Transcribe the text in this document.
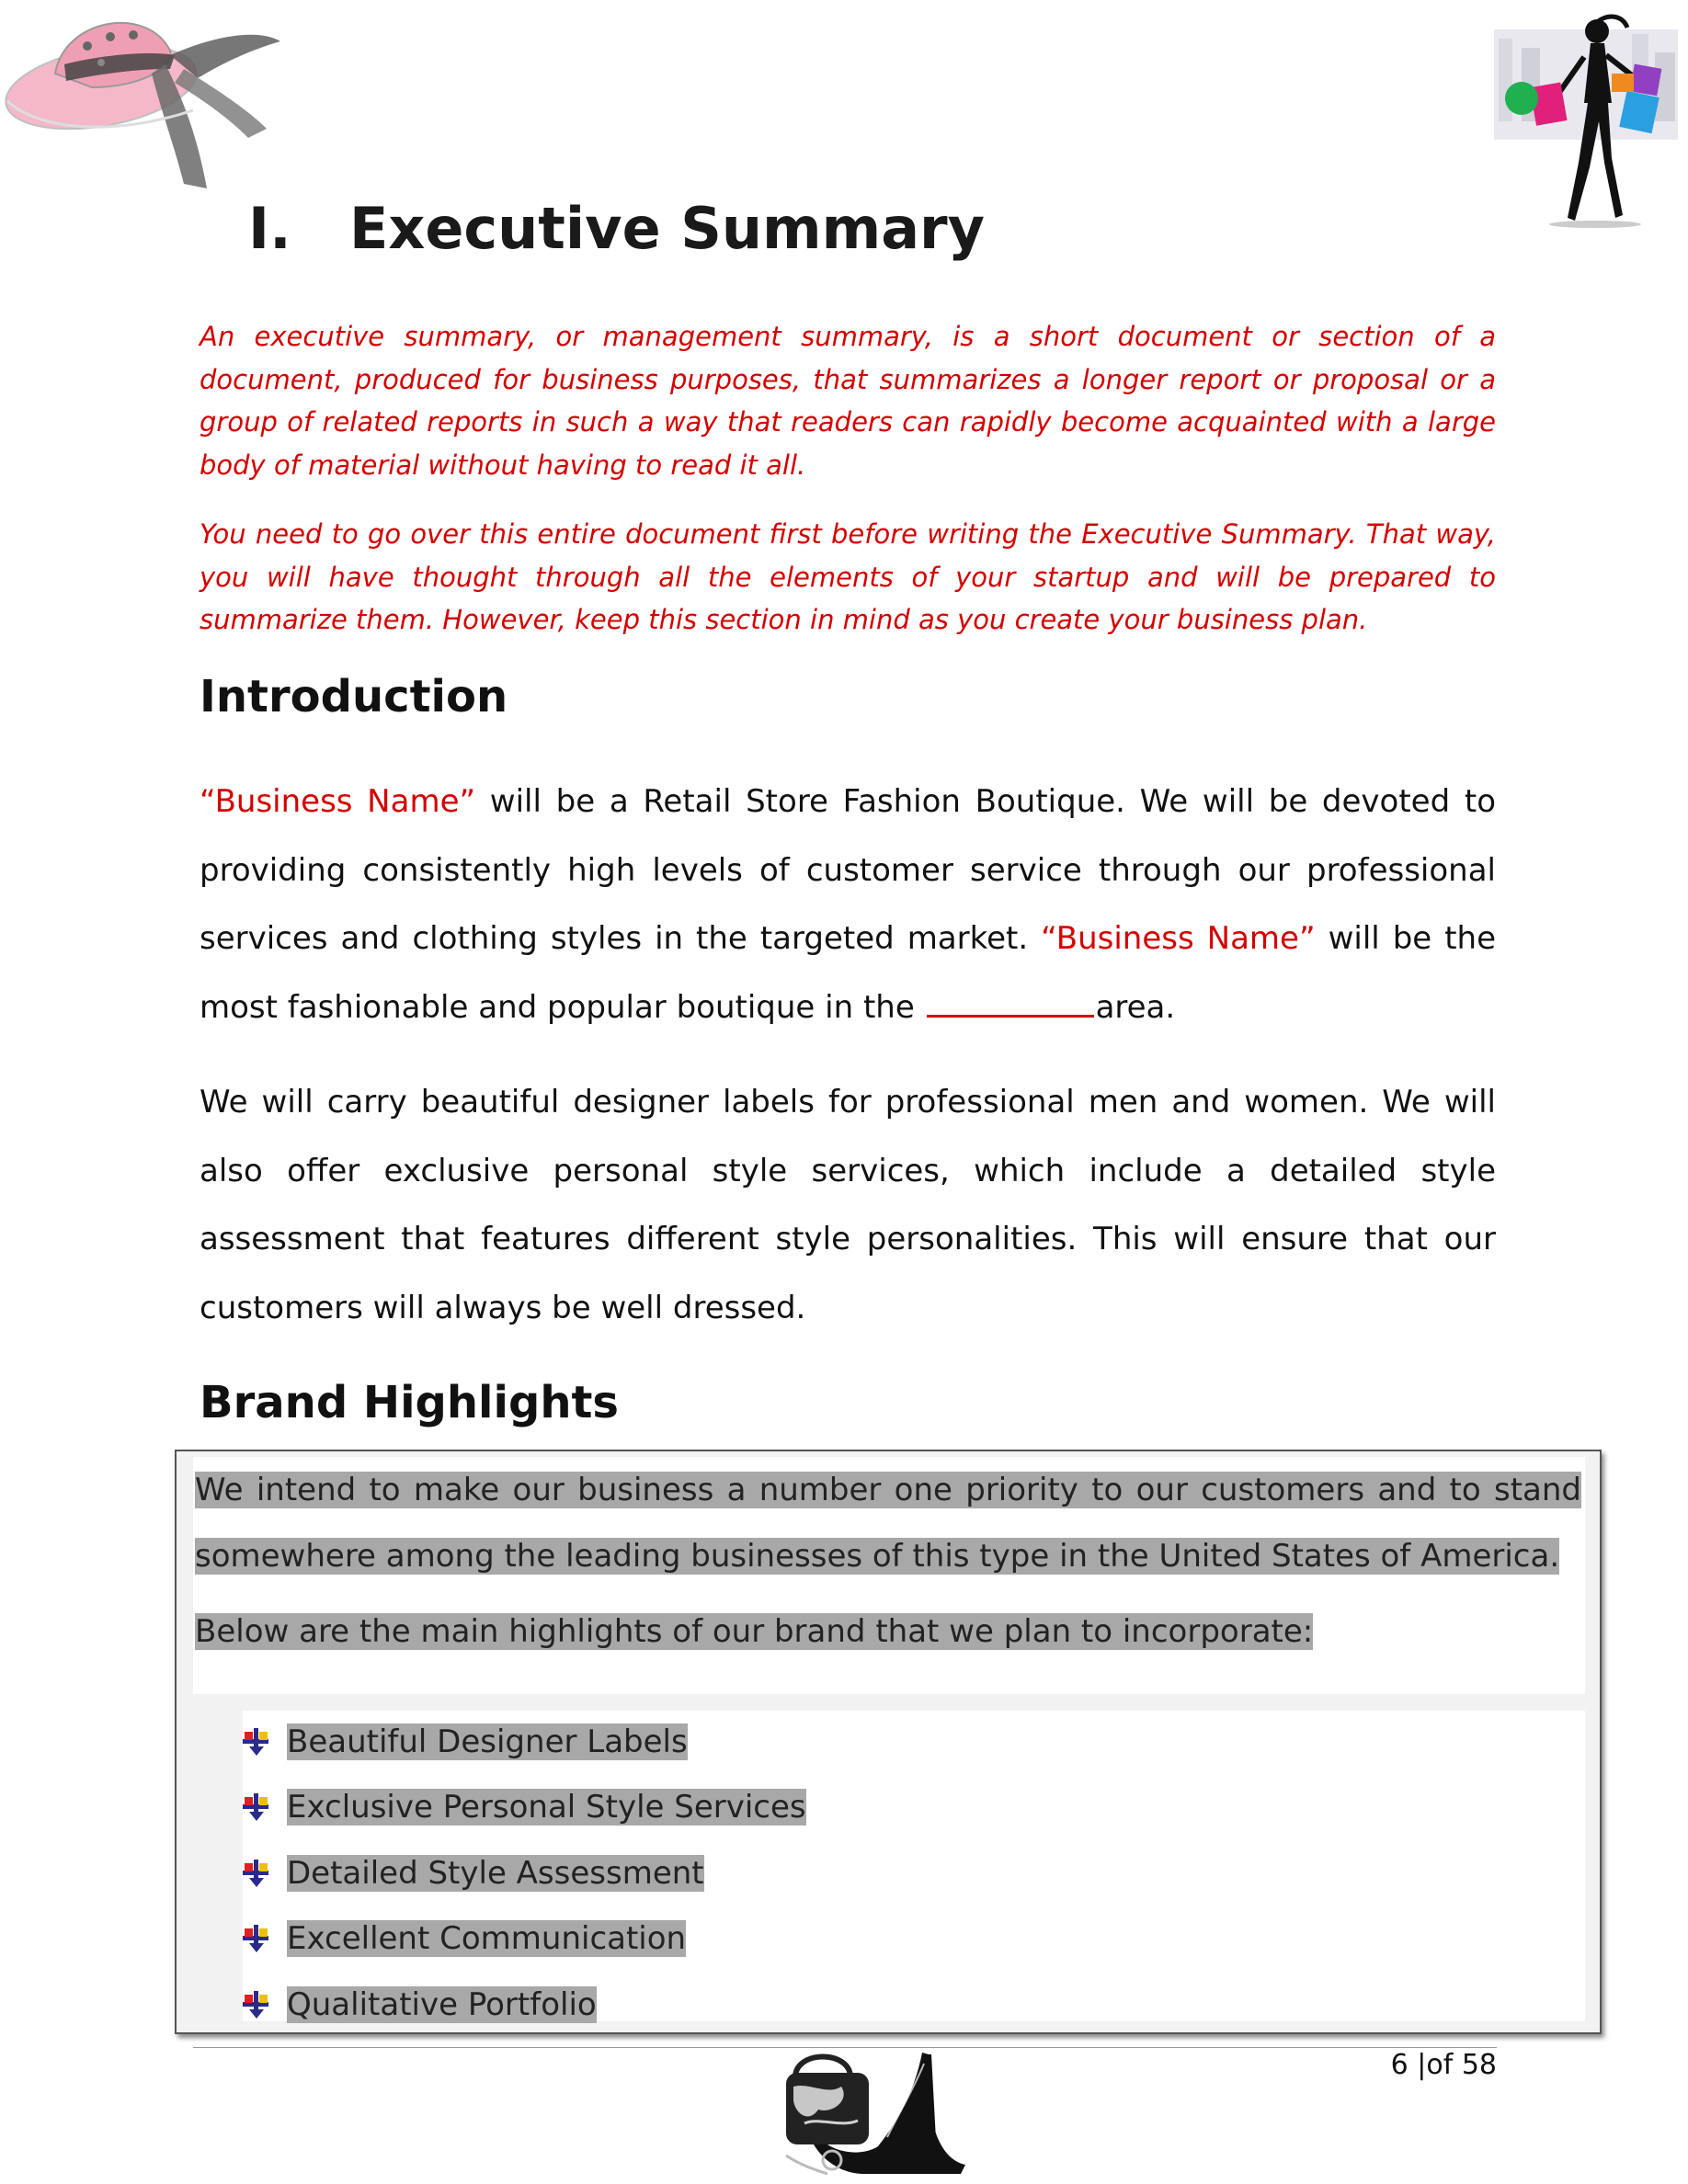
I. Executive Summary

An executive summary, or management summary, is a short document or section of a document, produced for business purposes, that summarizes a longer report or proposal or a group of related reports in such a way that readers can rapidly become acquainted with a large body of material without having to read it all.

You need to go over this entire document first before writing the Executive Summary. That way, you will have thought through all the elements of your startup and will be prepared to summarize them. However, keep this section in mind as you create your business plan.

Introduction

“Business Name” will be a Retail Store Fashion Boutique. We will be devoted to providing consistently high levels of customer service through our professional services and clothing styles in the targeted market. “Business Name” will be the most fashionable and popular boutique in the	area.

We will carry beautiful designer labels for professional men and women. We will also offer exclusive personal style services, which include a detailed style assessment that features different style personalities. This will ensure that our customers will always be well dressed.

Brand Highlights

We intend to make our business a number one priority to our customers and to stand somewhere among the leading businesses of this type in the United States of America.

Below are the main highlights of our brand that we plan to incorporate:

Beautiful Designer Labels
Exclusive Personal Style Services
Detailed Style Assessment
Excellent Communication
Qualitative Portfolio
6 |of 58
